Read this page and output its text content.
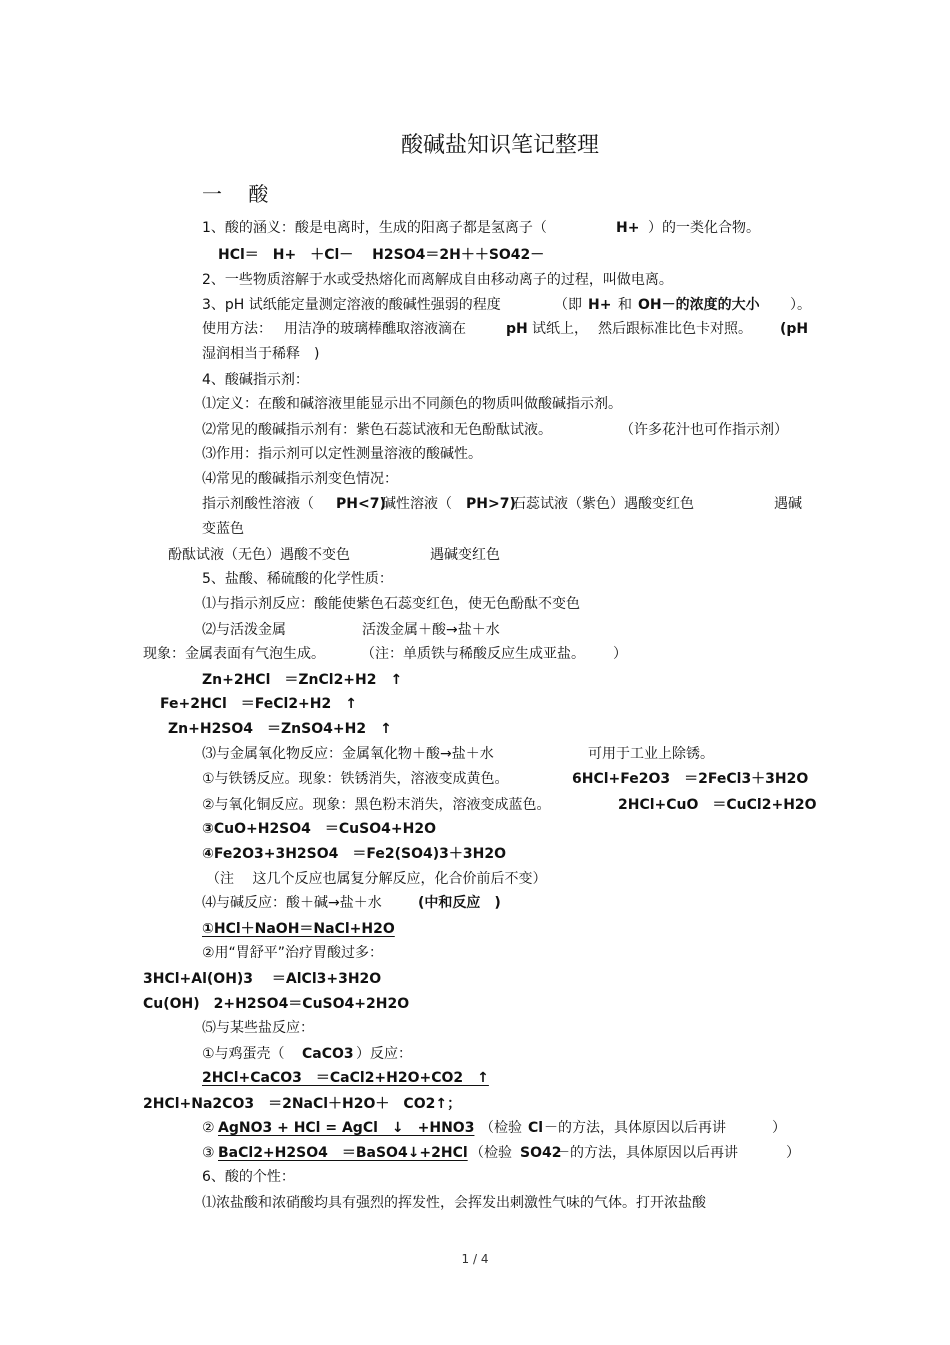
酸碱盐知识笔记整理
一　 酸
1、酸的涵义：酸是电离时，生成的阳离子都是氢离子（	H+ ）的一类化合物。
HCl＝　H+　＋Cl－　 H2SO4＝2H＋＋SO42－
2、一些物质溶解于水或受热熔化而离解成自由移动离子的过程，叫做电离。
3、pH 试纸能定量测定溶液的酸碱性强弱的程度	（即 H+ 和 OH－的浓度的大小 ）。
使用方法： 用洁净的玻璃棒醮取溶液滴在	pH 试纸上， 然后跟标准比色卡对照。 (pH
湿润相当于稀释　)
4、酸碱指示剂：
⑴定义：在酸和碱溶液里能显示出不同颜色的物质叫做酸碱指示剂。
⑵常见的酸碱指示剂有：紫色石蕊试液和无色酚酞试液。	（许多花汁也可作指示剂）
⑶作用：指示剂可以定性测量溶液的酸碱性。
⑷常见的酸碱指示剂变色情况：
指示剂酸性溶液（ PH<7)
碱性溶液（ PH>7)
石蕊试液（紫色）遇酸变红色	遇碱
变蓝色
酚酞试液（无色）遇酸不变色	遇碱变红色
5、盐酸、稀硫酸的化学性质：
⑴与指示剂反应：酸能使紫色石蕊变红色，使无色酚酞不变色
⑵与活泼金属	活泼金属＋酸→盐＋水
现象：金属表面有气泡生成。	（注：单质铁与稀酸反应生成亚盐。 ）
Zn+2HCl　＝ZnCl2+H2　↑
Fe+2HCl　＝FeCl2+H2　↑
Zn+H2SO4　＝ZnSO4+H2　↑
⑶与金属氧化物反应：金属氧化物＋酸→盐＋水	可用于工业上除锈。
①与铁锈反应。现象：铁锈消失，溶液变成黄色。	6HCl+Fe2O3　＝2FeCl3＋3H2O
②与氧化铜反应。现象：黑色粉末消失，溶液变成蓝色。	2HCl+CuO　＝CuCl2+H2O
③CuO+H2SO4　＝CuSO4+H2O
④Fe2O3+3H2SO4　＝Fe2(SO4)3＋3H2O
（注　 这几个反应也属复分解反应，化合价前后不变）
⑷与碱反应：酸＋碱→盐＋水	(中和反应　)
①HCl＋NaOH＝NaCl+H2O
②用“胃舒平”治疗胃酸过多：
3HCl+Al(OH)3　 ＝AlCl3+3H2O
Cu(OH)　2+H2SO4＝CuSO4+2H2O
⑸与某些盐反应：
①与鸡蛋壳（ CaCO3 ）反应：
2HCl+CaCO3　＝CaCl2+H2O+CO2　↑
2HCl+Na2CO3　＝2NaCl＋H2O＋　CO2↑；
② AgNO3 + HCl = AgCl　↓　+HNO3 （检验 Cl －的方法，具体原因以后再讲	）
③ BaCl2+H2SO4　＝BaSO4↓+2HCl （检验 SO42
－的方法，具体原因以后再讲	）
6、酸的个性：
⑴浓盐酸和浓硝酸均具有强烈的挥发性，会挥发出刺激性气味的气体。打开浓盐酸
1 / 4
